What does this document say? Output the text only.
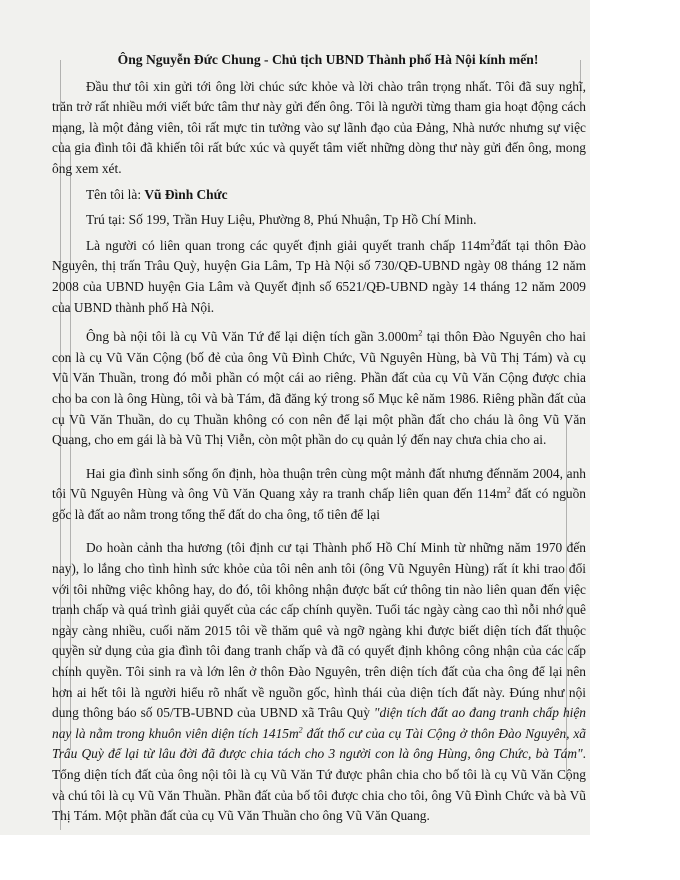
Ông Nguyễn Đức Chung - Chủ tịch UBND Thành phố Hà Nội kính mến!

Đầu thư tôi xin gửi tới ông lời chúc sức khỏe và lời chào trân trọng nhất. Tôi đã suy nghĩ, trăn trở rất nhiều mới viết bức tâm thư này gửi đến ông. Tôi là người từng tham gia hoạt động cách mạng, là một đảng viên, tôi rất mực tin tưởng vào sự lãnh đạo của Đảng, Nhà nước nhưng sự việc của gia đình tôi đã khiến tôi rất bức xúc và quyết tâm viết những dòng thư này gửi đến ông, mong ông xem xét.

Tên tôi là: Vũ Đình Chức

Trú tại: Số 199, Trần Huy Liệu, Phường 8, Phú Nhuận, Tp Hồ Chí Minh.

Là người có liên quan trong các quyết định giải quyết tranh chấp $114m^2đất$ tại thôn Đào Nguyên, thị trấn Trâu Quỳ, huyện Gia Lâm, Tp Hà Nội số 730/QĐ-UBND ngày 08 tháng 12 năm 2008 của UBND huyện Gia Lâm và Quyết định số 6521/QĐ-UBND ngày 14 tháng 12 năm 2009 của UBND thành phố Hà Nội.

Ông bà nội tôi là cụ Vũ Văn Tứ để lại diện tích gần $3.000m^2$ tại thôn Đào Nguyên cho hai con là cụ Vũ Văn Cộng (bố đẻ của ông Vũ Đình Chức, Vũ Nguyên Hùng, bà Vũ Thị Tám) và cụ Vũ Văn Thuần, trong đó mỗi phần có một cái ao riêng. Phần đất của cụ Vũ Văn Cộng được chia cho ba con là ông Hùng, tôi và bà Tám, đã đăng ký trong sổ Mục kê năm 1986. Riêng phần đất của cụ Vũ Văn Thuần, do cụ Thuần không có con nên để lại một phần đất cho cháu là ông Vũ Văn Quang, cho em gái là bà Vũ Thị Viễn, còn một phần do cụ quản lý đến nay chưa chia cho ai.

Hai gia đình sinh sống ổn định, hòa thuận trên cùng một mảnh đất nhưng đếnnăm 2004, anh tôi Vũ Nguyên Hùng và ông Vũ Văn Quang xảy ra tranh chấp liên quan đến $114m^2$ đất có nguồn gốc là đất ao nằm trong tổng thể đất do cha ông, tổ tiên để lại

Do hoàn cảnh tha hương (tôi định cư tại Thành phố Hồ Chí Minh từ những năm 1970 đến nay), lo lắng cho tình hình sức khỏe của tôi nên anh tôi (ông Vũ Nguyên Hùng) rất ít khi trao đổi với tôi những việc không hay, do đó, tôi không nhận được bất cứ thông tin nào liên quan đến việc tranh chấp và quá trình giải quyết của các cấp chính quyền. Tuổi tác ngày càng cao thì nỗi nhớ quê ngày càng nhiều, cuối năm 2015 tôi về thăm quê và ngỡ ngàng khi được biết diện tích đất thuộc quyền sử dụng của gia đình tôi đang tranh chấp và đã có quyết định không công nhận của các cấp chính quyền. Tôi sinh ra và lớn lên ở thôn Đào Nguyên, trên diện tích đất của cha ông để lại nên hơn ai hết tôi là người hiểu rõ nhất về nguồn gốc, hình thái của diện tích đất này. Đúng như nội dung thông báo số 05/TB-UBND của UBND xã Trâu Quỳ "diện tích đất ao đang tranh chấp hiện nay là nằm trong khuôn viên diện tích $1415m^2$ đất thổ cư của cụ Tài Cộng ở thôn Đào Nguyên, xã Trâu Quỳ để lại từ lâu đời đã được chia tách cho 3 người con là ông Hùng, ông Chức, bà Tám". Tổng diện tích đất của ông nội tôi là cụ Vũ Văn Tứ được phân chia cho bố tôi là cụ Vũ Văn Cộng và chú tôi là cụ Vũ Văn Thuần. Phần đất của bố tôi được chia cho tôi, ông Vũ Đình Chức và bà Vũ Thị Tám. Một phần đất của cụ Vũ Văn Thuần cho ông Vũ Văn Quang.
